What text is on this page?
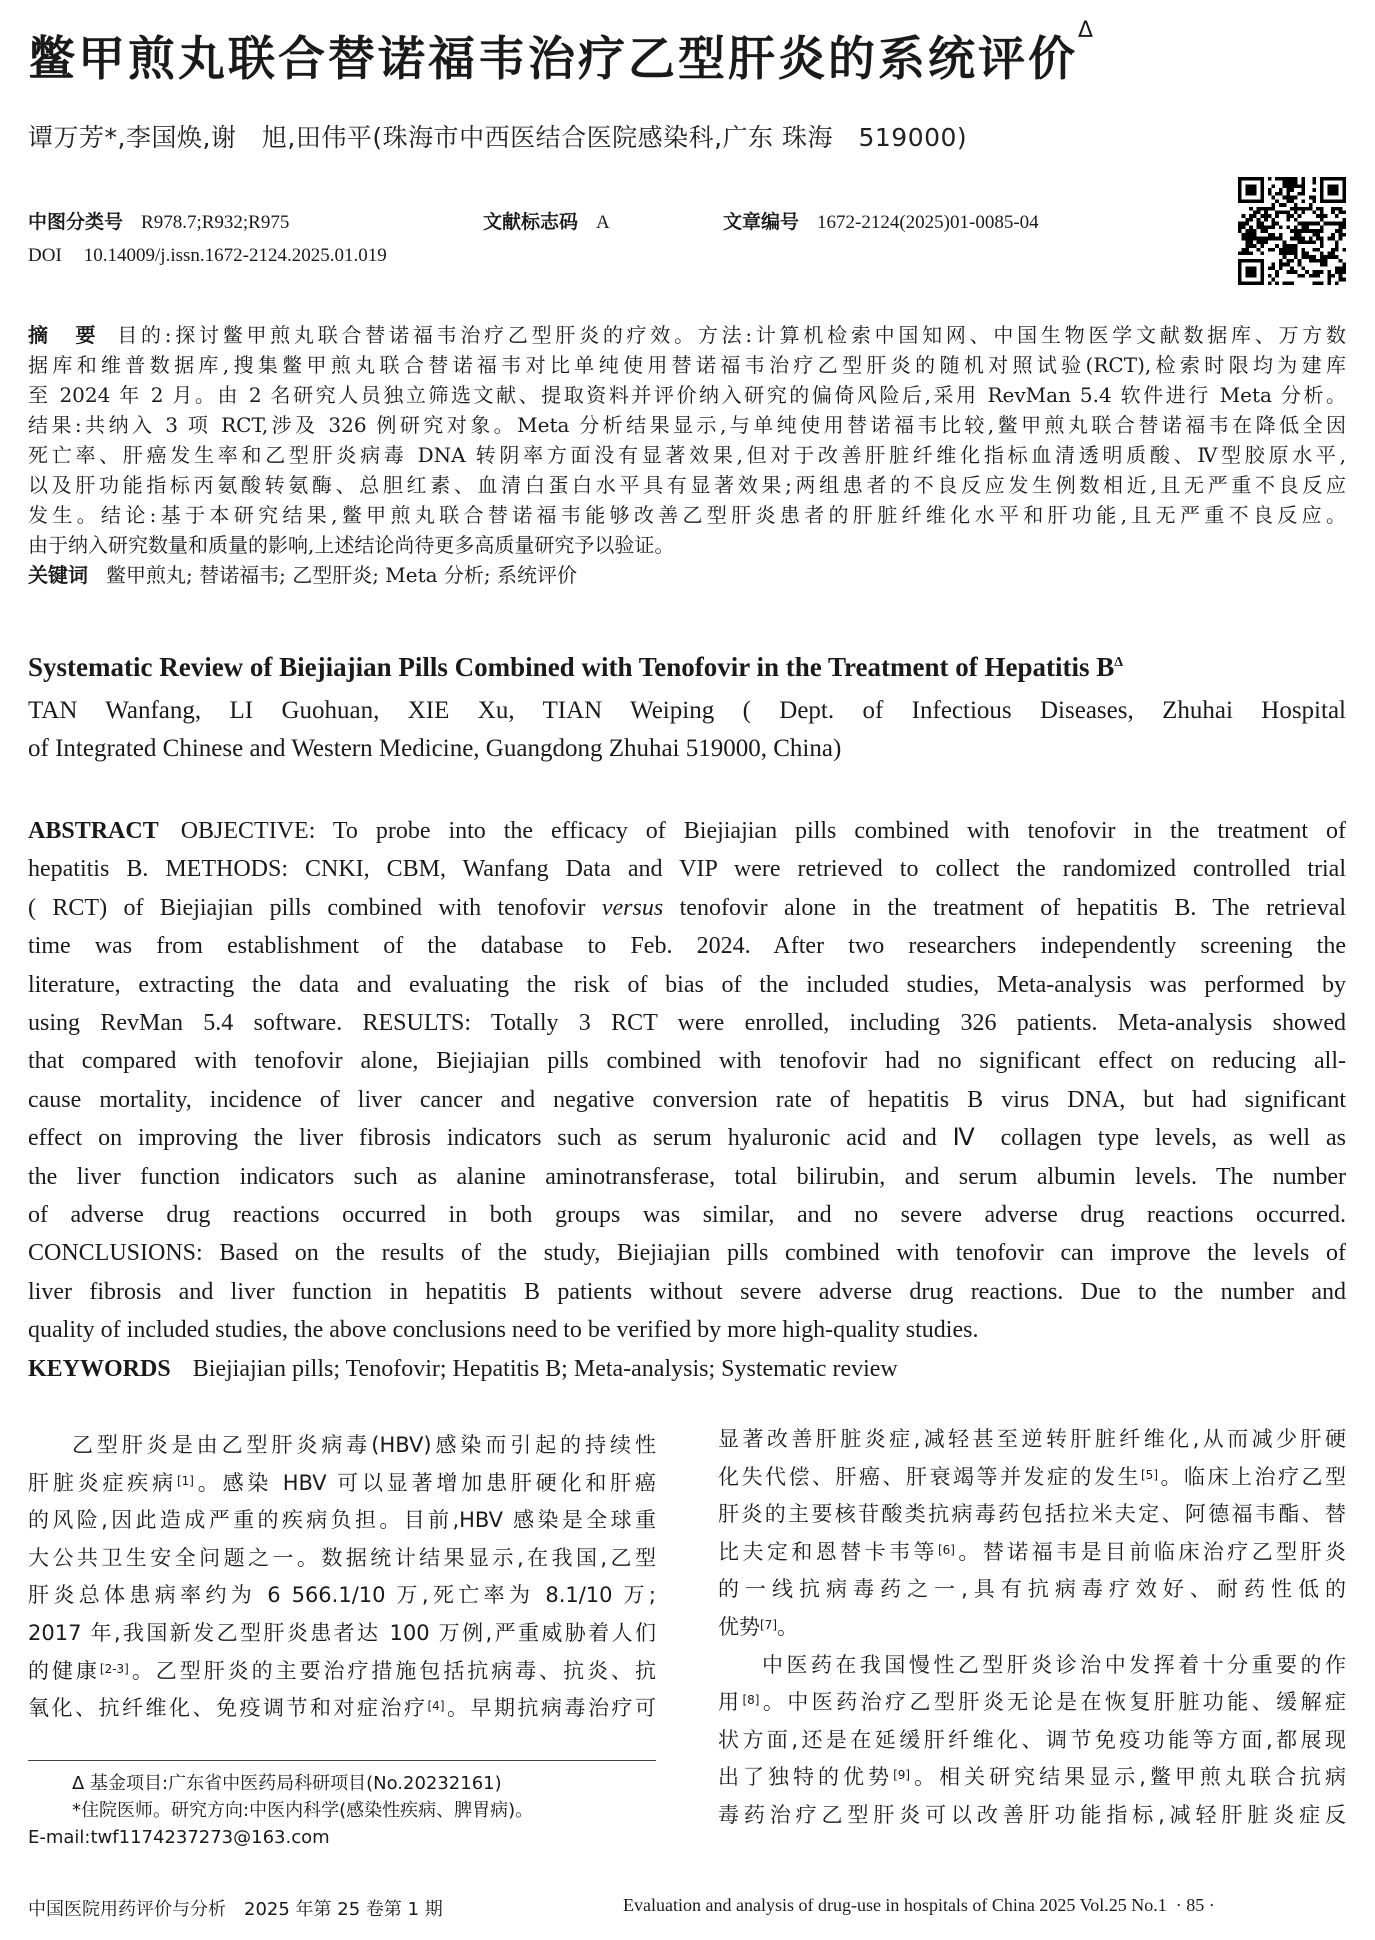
鳖甲煎丸联合替诺福韦治疗乙型肝炎的系统评价$^\Delta$
谭万芳*,李国焕,谢　旭,田伟平(珠海市中西医结合医院感染科,广东 珠海　519000)
中图分类号 R978.7;R932;R975	文献标志码 A	文章编号 1672-2124(2025)01-0085-04
DOI 10.14009/j.issn.1672-2124.2025.01.019
摘　要 目的:探讨鳖甲煎丸联合替诺福韦治疗乙型肝炎的疗效。方法:计算机检索中国知网、中国生物医学文献数据库、万方数
据库和维普数据库,搜集鳖甲煎丸联合替诺福韦对比单纯使用替诺福韦治疗乙型肝炎的随机对照试验(RCT),检索时限均为建库
至 2024 年 2 月。由 2 名研究人员独立筛选文献、提取资料并评价纳入研究的偏倚风险后,采用 RevMan 5.4 软件进行 Meta 分析。
结果:共纳入 3 项 RCT,涉及 326 例研究对象。Meta 分析结果显示,与单纯使用替诺福韦比较,鳖甲煎丸联合替诺福韦在降低全因
死亡率、肝癌发生率和乙型肝炎病毒 DNA 转阴率方面没有显著效果,但对于改善肝脏纤维化指标血清透明质酸、Ⅳ型胶原水平,
以及肝功能指标丙氨酸转氨酶、总胆红素、血清白蛋白水平具有显著效果;两组患者的不良反应发生例数相近,且无严重不良反应
发生。结论:基于本研究结果,鳖甲煎丸联合替诺福韦能够改善乙型肝炎患者的肝脏纤维化水平和肝功能,且无严重不良反应。
由于纳入研究数量和质量的影响,上述结论尚待更多高质量研究予以验证。
关键词 鳖甲煎丸; 替诺福韦; 乙型肝炎; Meta 分析; 系统评价
Systematic Review of Biejiajian Pills Combined with Tenofovir in the Treatment of Hepatitis $B^\Delta$
TAN Wanfang, LI Guohuan, XIE Xu, TIAN Weiping ( Dept. of Infectious Diseases, Zhuhai Hospital
of Integrated Chinese and Western Medicine, Guangdong Zhuhai 519000, China)
ABSTRACT OBJECTIVE: To probe into the efficacy of Biejiajian pills combined with tenofovir in the treatment of
hepatitis B. METHODS: CNKI, CBM, Wanfang Data and VIP were retrieved to collect the randomized controlled trial
( RCT) of Biejiajian pills combined with tenofovir versus tenofovir alone in the treatment of hepatitis B. The retrieval
time was from establishment of the database to Feb. 2024. After two researchers independently screening the
literature, extracting the data and evaluating the risk of bias of the included studies, Meta-analysis was performed by
using RevMan 5.4 software. RESULTS: Totally 3 RCT were enrolled, including 326 patients. Meta-analysis showed
that compared with tenofovir alone, Biejiajian pills combined with tenofovir had no significant effect on reducing all-
cause mortality, incidence of liver cancer and negative conversion rate of hepatitis B virus DNA, but had significant
effect on improving the liver fibrosis indicators such as serum hyaluronic acid and Ⅳ collagen type levels, as well as
the liver function indicators such as alanine aminotransferase, total bilirubin, and serum albumin levels. The number
of adverse drug reactions occurred in both groups was similar, and no severe adverse drug reactions occurred.
CONCLUSIONS: Based on the results of the study, Biejiajian pills combined with tenofovir can improve the levels of
liver fibrosis and liver function in hepatitis B patients without severe adverse drug reactions. Due to the number and
quality of included studies, the above conclusions need to be verified by more high-quality studies.
KEYWORDS Biejiajian pills; Tenofovir; Hepatitis B; Meta-analysis; Systematic review
乙型肝炎是由乙型肝炎病毒(HBV)感染而引起的持续性
肝脏炎症疾病[1]。感染 HBV 可以显著增加患肝硬化和肝癌
的风险,因此造成严重的疾病负担。目前,HBV 感染是全球重
大公共卫生安全问题之一。数据统计结果显示,在我国,乙型
肝炎总体患病率约为 6 566.1/10 万,死亡率为 8.1/10 万;
2017 年,我国新发乙型肝炎患者达 100 万例,严重威胁着人们
的健康[2-3]。乙型肝炎的主要治疗措施包括抗病毒、抗炎、抗
氧化、抗纤维化、免疫调节和对症治疗[4]。早期抗病毒治疗可
显著改善肝脏炎症,减轻甚至逆转肝脏纤维化,从而减少肝硬
化失代偿、肝癌、肝衰竭等并发症的发生[5]。临床上治疗乙型
肝炎的主要核苷酸类抗病毒药包括拉米夫定、阿德福韦酯、替
比夫定和恩替卡韦等[6]。替诺福韦是目前临床治疗乙型肝炎
的一线抗病毒药之一,具有抗病毒疗效好、耐药性低的
优势[7]。
中医药在我国慢性乙型肝炎诊治中发挥着十分重要的作
用[8]。中医药治疗乙型肝炎无论是在恢复肝脏功能、缓解症
状方面,还是在延缓肝纤维化、调节免疫功能等方面,都展现
出了独特的优势[9]。相关研究结果显示,鳖甲煎丸联合抗病
毒药治疗乙型肝炎可以改善肝功能指标,减轻肝脏炎症反
Δ 基金项目:广东省中医药局科研项目(No.20232161)
*住院医师。研究方向:中医内科学(感染性疾病、脾胃病)。
E-mail:twf1174237273@163.com
中国医院用药评价与分析　2025 年第 25 卷第 1 期	Evaluation and analysis of drug-use in hospitals of China 2025 Vol.25 No.1 · 85 ·
